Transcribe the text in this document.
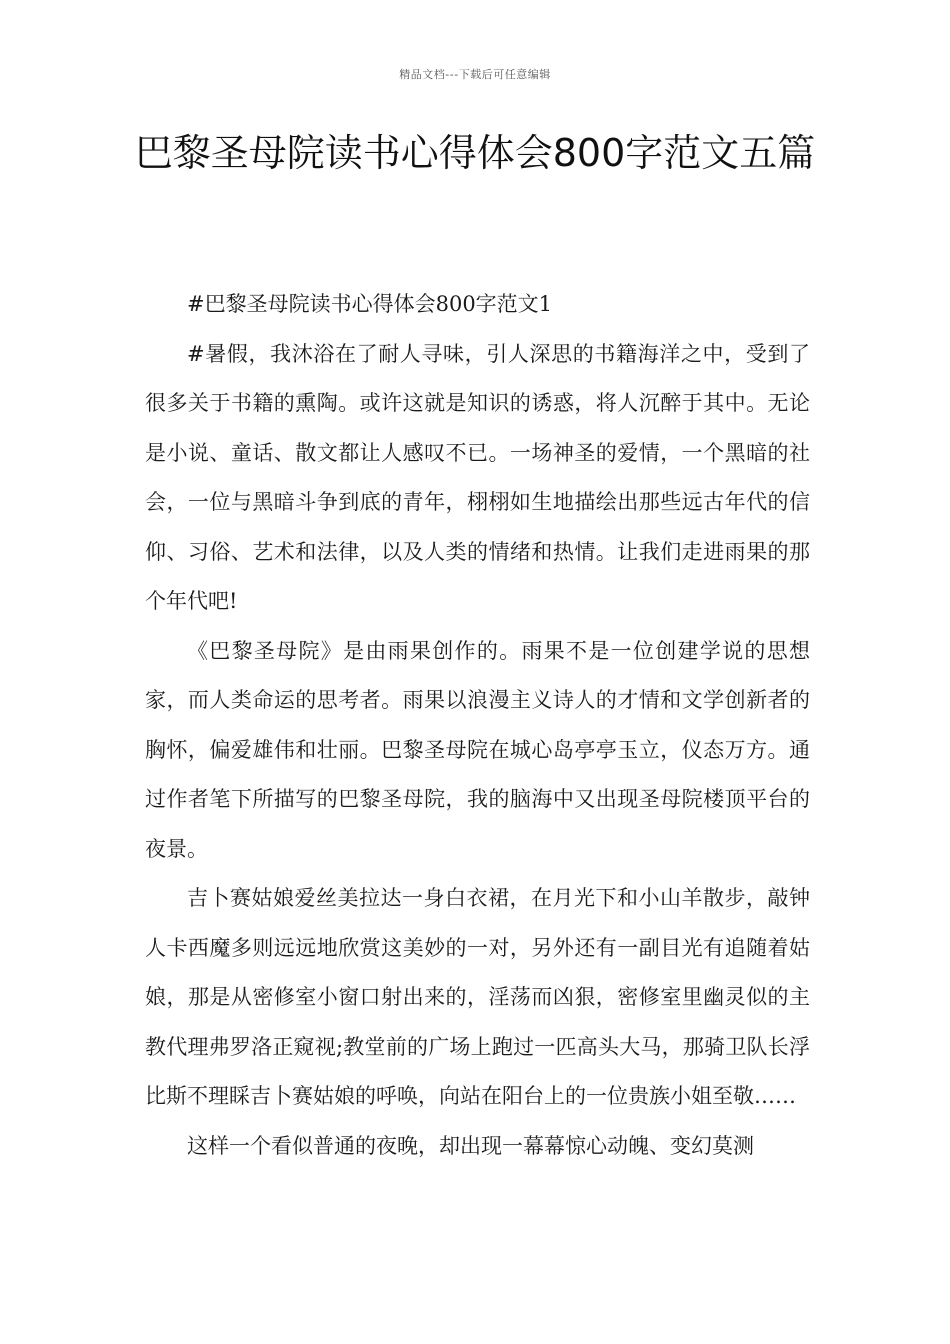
精品文档---下载后可任意编辑
巴黎圣母院读书心得体会800字范文五篇

#巴黎圣母院读书心得体会800字范文1

#暑假，我沐浴在了耐人寻味，引人深思的书籍海洋之中，受到了很多关于书籍的熏陶。或许这就是知识的诱惑，将人沉醉于其中。无论是小说、童话、散文都让人感叹不已。一场神圣的爱情，一个黑暗的社会，一位与黑暗斗争到底的青年，栩栩如生地描绘出那些远古年代的信仰、习俗、艺术和法律，以及人类的情绪和热情。让我们走进雨果的那个年代吧!

《巴黎圣母院》是由雨果创作的。雨果不是一位创建学说的思想家，而人类命运的思考者。雨果以浪漫主义诗人的才情和文学创新者的胸怀，偏爱雄伟和壮丽。巴黎圣母院在城心岛亭亭玉立，仪态万方。通过作者笔下所描写的巴黎圣母院，我的脑海中又出现圣母院楼顶平台的夜景。

吉卜赛姑娘爱丝美拉达一身白衣裙，在月光下和小山羊散步，敲钟人卡西魔多则远远地欣赏这美妙的一对，另外还有一副目光有追随着姑娘，那是从密修室小窗口射出来的，淫荡而凶狠，密修室里幽灵似的主教代理弗罗洛正窥视;教堂前的广场上跑过一匹高头大马，那骑卫队长浮比斯不理睬吉卜赛姑娘的呼唤，向站在阳台上的一位贵族小姐至敬……

这样一个看似普通的夜晚，却出现一幕幕惊心动魄、变幻莫测
